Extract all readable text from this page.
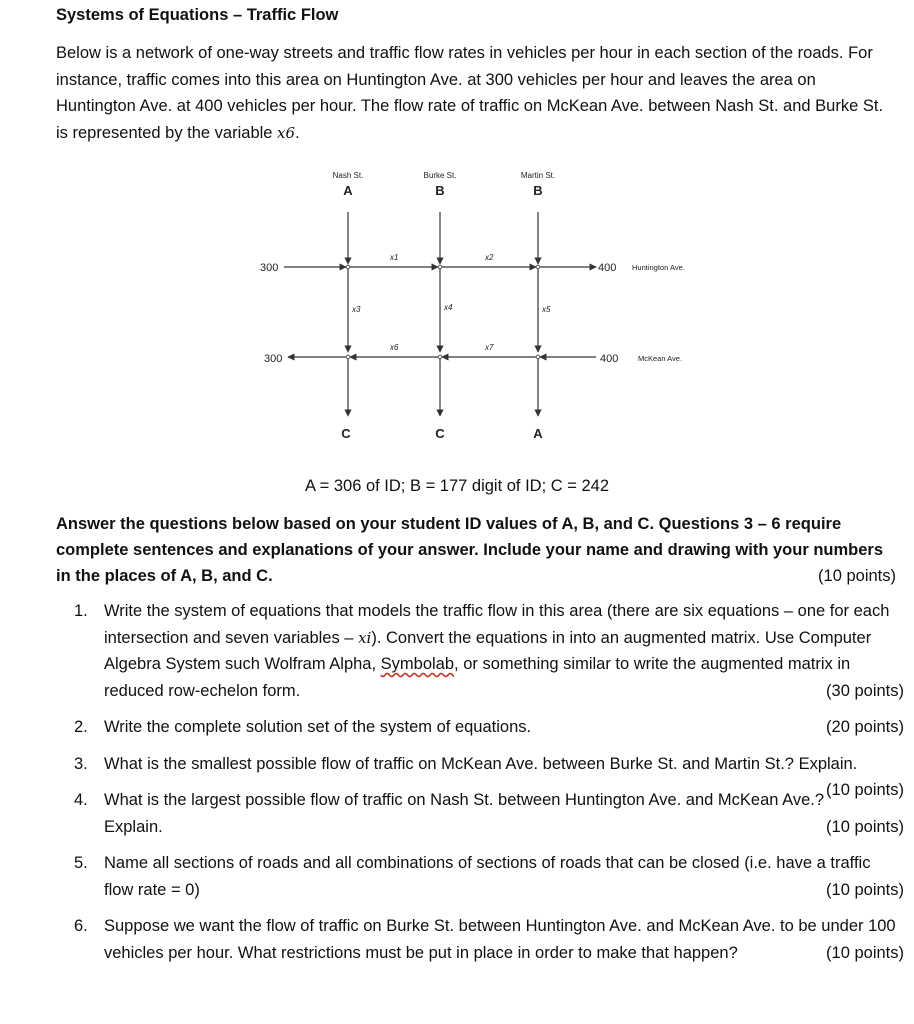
Systems of Equations – Traffic Flow
Below is a network of one-way streets and traffic flow rates in vehicles per hour in each section of the roads. For instance, traffic comes into this area on Huntington Ave. at 300 vehicles per hour and leaves the area on Huntington Ave. at 400 vehicles per hour. The flow rate of traffic on McKean Ave. between Nash St. and Burke St. is represented by the variable x6.
Nash St.
A
Burke St.
B
Martin St.
B
300	400 Huntington Ave.
300	400	McKean Ave.
x1	x2
x3	x4	x5
x6	x7
C	C	A
A = 306 of ID; B = 177 digit of ID; C = 242
Answer the questions below based on your student ID values of A, B, and C. Questions 3 – 6 require complete sentences and explanations of your answer. Include your name and drawing with your numbers in the places of A, B, and C.	(10 points)
1. Write the system of equations that models the traffic flow in this area (there are six equations – one for each intersection and seven variables – xi). Convert the equations in into an augmented matrix. Use Computer Algebra System such Wolfram Alpha, Symbolab, or something similar to write the augmented matrix in reduced row-echelon form.	(30 points)
2. Write the complete solution set of the system of equations.	(20 points)
3. What is the smallest possible flow of traffic on McKean Ave. between Burke St. and Martin St.? Explain.
(10 points)
4. What is the largest possible flow of traffic on Nash St. between Huntington Ave. and McKean Ave.? Explain.	(10 points)
5. Name all sections of roads and all combinations of sections of roads that can be closed (i.e. have a traffic flow rate = 0)	(10 points)
6. Suppose we want the flow of traffic on Burke St. between Huntington Ave. and McKean Ave. to be under 100 vehicles per hour. What restrictions must be put in place in order to make that happen?	(10 points)
